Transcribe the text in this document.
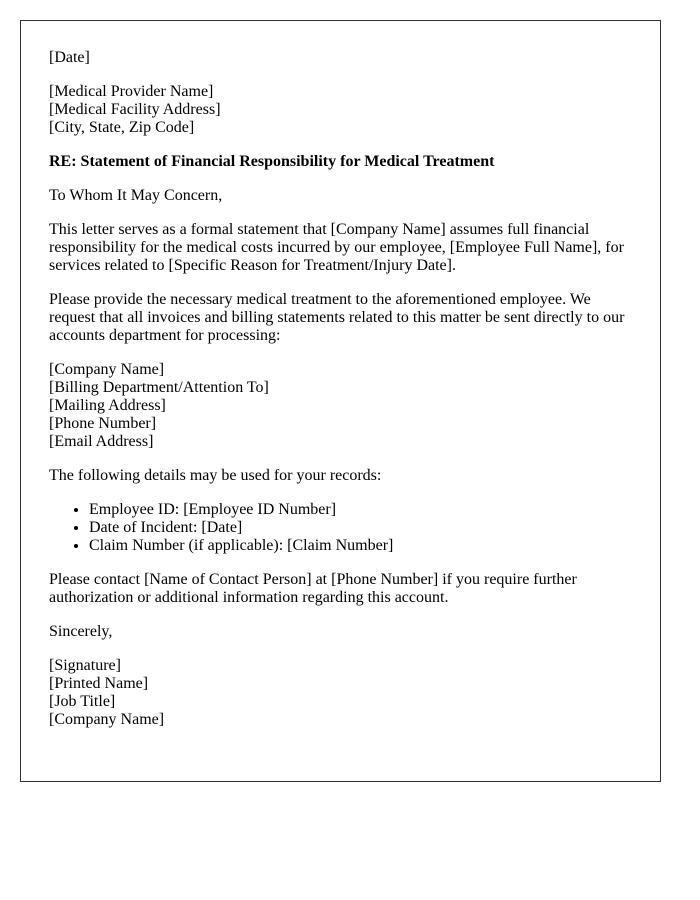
[Date]

[Medical Provider Name]
[Medical Facility Address]
[City, State, Zip Code]

RE: Statement of Financial Responsibility for Medical Treatment

To Whom It May Concern,

This letter serves as a formal statement that [Company Name] assumes full financial responsibility for the medical costs incurred by our employee, [Employee Full Name], for services related to [Specific Reason for Treatment/Injury Date].

Please provide the necessary medical treatment to the aforementioned employee. We request that all invoices and billing statements related to this matter be sent directly to our accounts department for processing:

[Company Name]
[Billing Department/Attention To]
[Mailing Address]
[Phone Number]
[Email Address]

The following details may be used for your records:

• Employee ID: [Employee ID Number]
• Date of Incident: [Date]
• Claim Number (if applicable): [Claim Number]

Please contact [Name of Contact Person] at [Phone Number] if you require further authorization or additional information regarding this account.

Sincerely,

[Signature]
[Printed Name]
[Job Title]
[Company Name]
